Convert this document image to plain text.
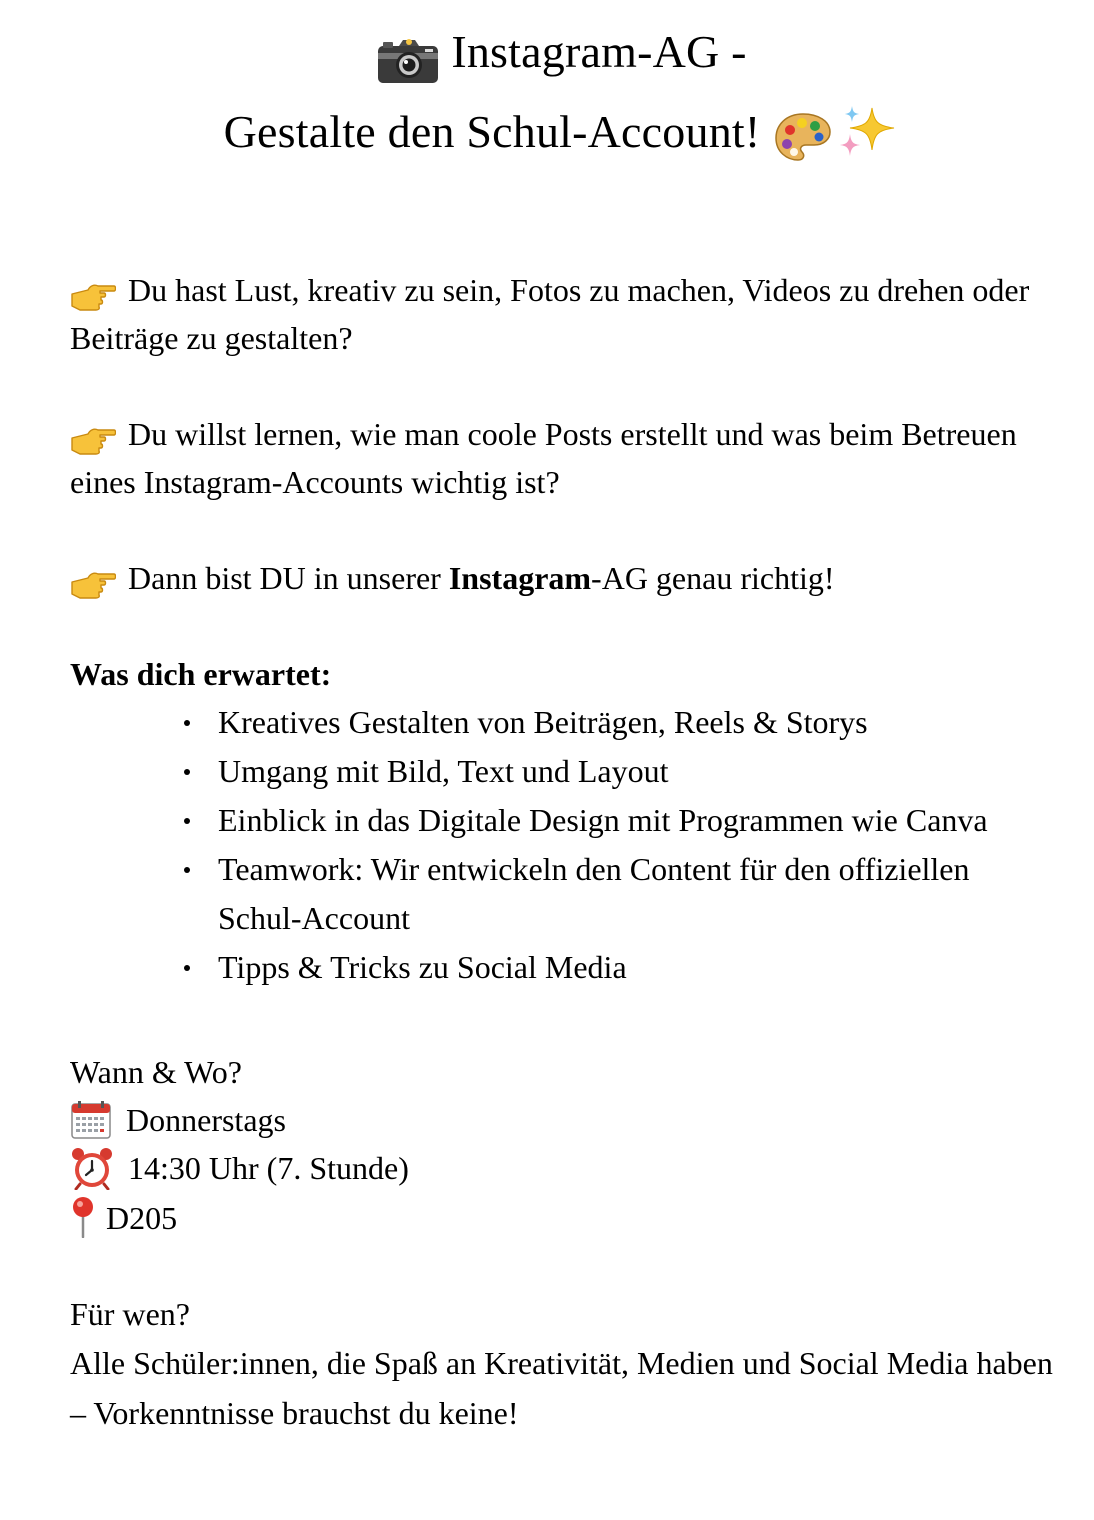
Instagram-AG -
Gestalte den Schul-Account!

Du hast Lust, kreativ zu sein, Fotos zu machen, Videos zu drehen oder Beiträge zu gestalten?

Du willst lernen, wie man coole Posts erstellt und was beim Betreuen eines Instagram-Accounts wichtig ist?

Dann bist DU in unserer Instagram-AG genau richtig!

Was dich erwartet:
Kreatives Gestalten von Beiträgen, Reels & Storys
Umgang mit Bild, Text und Layout
Einblick in das Digitale Design mit Programmen wie Canva
Teamwork: Wir entwickeln den Content für den offiziellen Schul-Account
Tipps & Tricks zu Social Media
Wann & Wo?
Donnerstags
14:30 Uhr (7. Stunde)
D205
Für wen?
Alle Schüler:innen, die Spaß an Kreativität, Medien und Social Media haben – Vorkenntnisse brauchst du keine!
